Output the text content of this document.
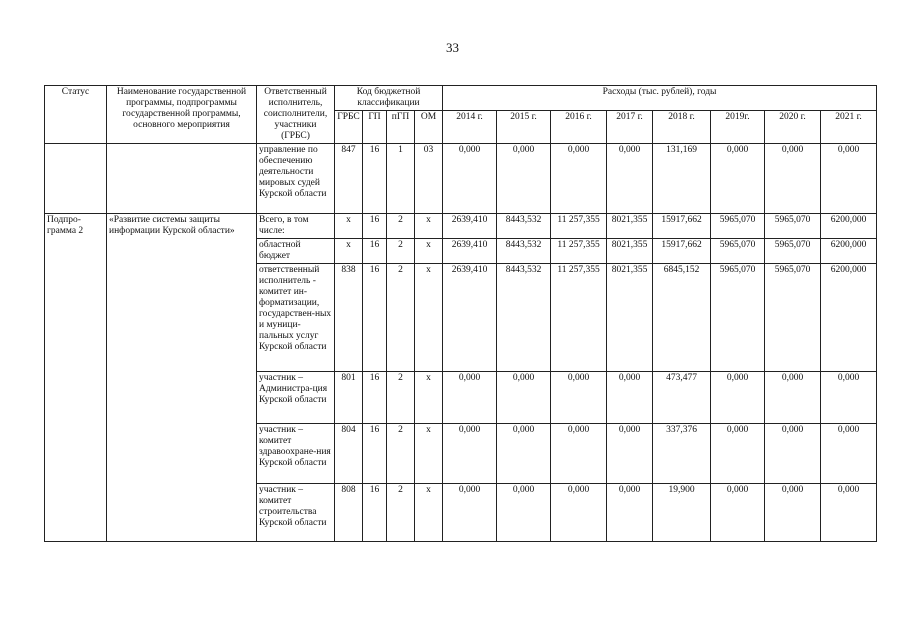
33
Статус	Наименование государственной программы, подпрограммы государственной программы, основного мероприятия	Ответственный исполнитель, соисполнители, участники (ГРБС)	Код бюджетной классификации				Расходы (тыс. рублей), годы							
			ГРБС	ГП	пГП	ОМ	2014 г.	2015 г.	2016 г.	2017 г.	2018 г.	2019г.	2020 г.	2021 г.
		управление по обеспечению деятельности мировых судей Курской области	847	16	1	03	0,000	0,000	0,000	0,000	131,169	0,000	0,000	0,000
Подпро-грамма 2	«Развитие системы защиты информации Курской области»	Всего, в том числе:	х	16	2	х	2639,410	8443,532	11 257,355	8021,355	15917,662	5965,070	5965,070	6200,000
		областной бюджет	х	16	2	х	2639,410	8443,532	11 257,355	8021,355	15917,662	5965,070	5965,070	6200,000
		ответственный исполнитель - комитет ин-форматизации, государствен-ных и муници-пальных услуг Курской области	838	16	2	х	2639,410	8443,532	11 257,355	8021,355	6845,152	5965,070	5965,070	6200,000
		участник – Администра-ция Курской области	801	16	2	х	0,000	0,000	0,000	0,000	473,477	0,000	0,000	0,000
		участник – комитет здравоохране-ния Курской области	804	16	2	х	0,000	0,000	0,000	0,000	337,376	0,000	0,000	0,000
		участник – комитет строительства Курской области	808	16	2	х	0,000	0,000	0,000	0,000	19,900	0,000	0,000	0,000
